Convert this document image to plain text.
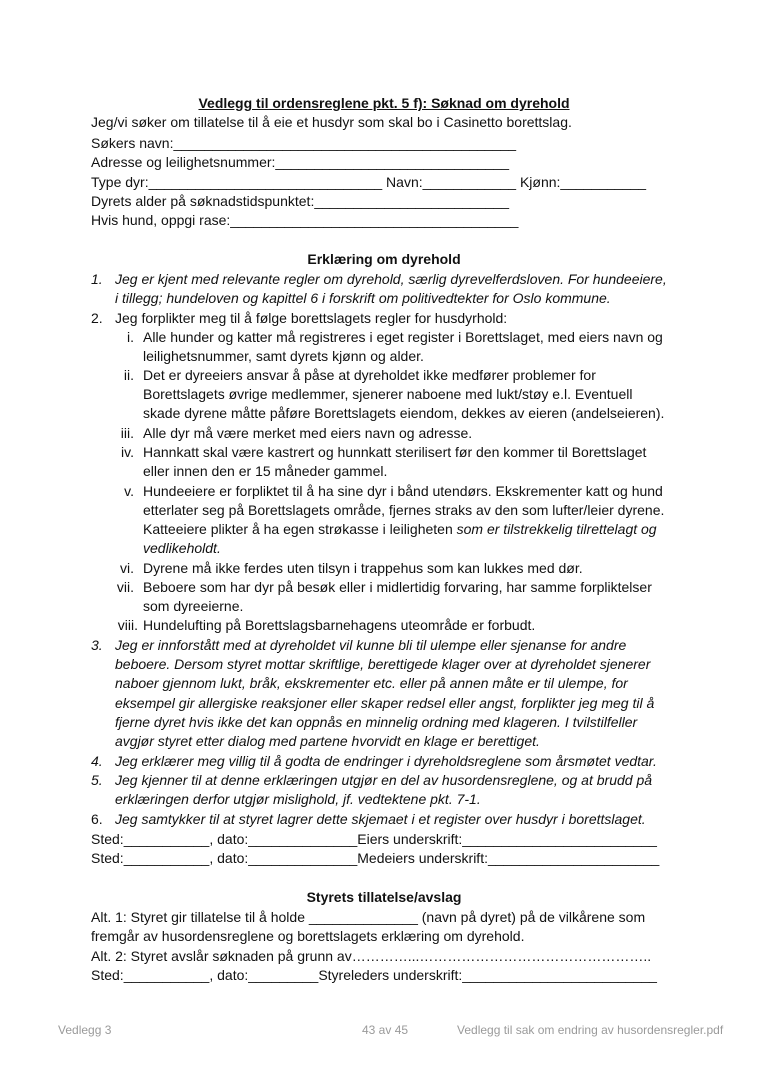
Vedlegg til ordensreglene pkt. 5 f): Søknad om dyrehold
Jeg/vi søker om tillatelse til å eie et husdyr som skal bo i Casinetto borettslag.
Søkers navn:____________________________________________
Adresse og leilighetsnummer:______________________________
Type dyr:______________________________ Navn:____________ Kjønn:___________
Dyrets alder på søknadstidspunktet:_________________________
Hvis hund, oppgi rase:_____________________________________
Erklæring om dyrehold
1. Jeg er kjent med relevante regler om dyrehold, særlig dyrevelferdsloven. For hundeeiere,
i tillegg; hundeloven og kapittel 6 i forskrift om politivedtekter for Oslo kommune.
2. Jeg forplikter meg til å følge borettslagets regler for husdyrhold:
i. Alle hunder og katter må registreres i eget register i Borettslaget, med eiers navn og
leilighetsnummer, samt dyrets kjønn og alder.
ii. Det er dyreeiers ansvar å påse at dyreholdet ikke medfører problemer for
Borettslagets øvrige medlemmer, sjenerer naboene med lukt/støy e.l. Eventuell
skade dyrene måtte påføre Borettslagets eiendom, dekkes av eieren (andelseieren).
iii. Alle dyr må være merket med eiers navn og adresse.
iv. Hannkatt skal være kastrert og hunnkatt sterilisert før den kommer til Borettslaget
eller innen den er 15 måneder gammel.
v. Hundeeiere er forpliktet til å ha sine dyr i bånd utendørs. Ekskrementer katt og hund
etterlater seg på Borettslagets område, fjernes straks av den som lufter/leier dyrene.
Katteeiere plikter å ha egen strøkasse i leiligheten som er tilstrekkelig tilrettelagt og
vedlikeholdt.
vi. Dyrene må ikke ferdes uten tilsyn i trappehus som kan lukkes med dør.
vii. Beboere som har dyr på besøk eller i midlertidig forvaring, har samme forpliktelser
som dyreeierne.
viii. Hundelufting på Borettslagsbarnehagens uteområde er forbudt.
3. Jeg er innforstått med at dyreholdet vil kunne bli til ulempe eller sjenanse for andre
beboere. Dersom styret mottar skriftlige, berettigede klager over at dyreholdet sjenerer
naboer gjennom lukt, bråk, ekskrementer etc. eller på annen måte er til ulempe, for
eksempel gir allergiske reaksjoner eller skaper redsel eller angst, forplikter jeg meg til å
fjerne dyret hvis ikke det kan oppnås en minnelig ordning med klageren. I tvilstilfeller
avgjør styret etter dialog med partene hvorvidt en klage er berettiget.
4. Jeg erklærer meg villig til å godta de endringer i dyreholdsreglene som årsmøtet vedtar.
5. Jeg kjenner til at denne erklæringen utgjør en del av husordensreglene, og at brudd på
erklæringen derfor utgjør mislighold, jf. vedtektene pkt. 7-1.
6. Jeg samtykker til at styret lagrer dette skjemaet i et register over husdyr i borettslaget.
Sted:___________, dato:______________Eiers underskrift:_________________________
Sted:___________, dato:______________Medeiers underskrift:______________________
Styrets tillatelse/avslag
Alt. 1: Styret gir tillatelse til å holde ______________ (navn på dyret) på de vilkårene som
fremgår av husordensreglene og borettslagets erklæring om dyrehold.
Alt. 2: Styret avslår søknaden på grunn av…………...…………………………………………..
Sted:___________, dato:_________Styreleders underskrift:_________________________
Vedlegg 3	43 av 45	Vedlegg til sak om endring av husordensregler.pdf
